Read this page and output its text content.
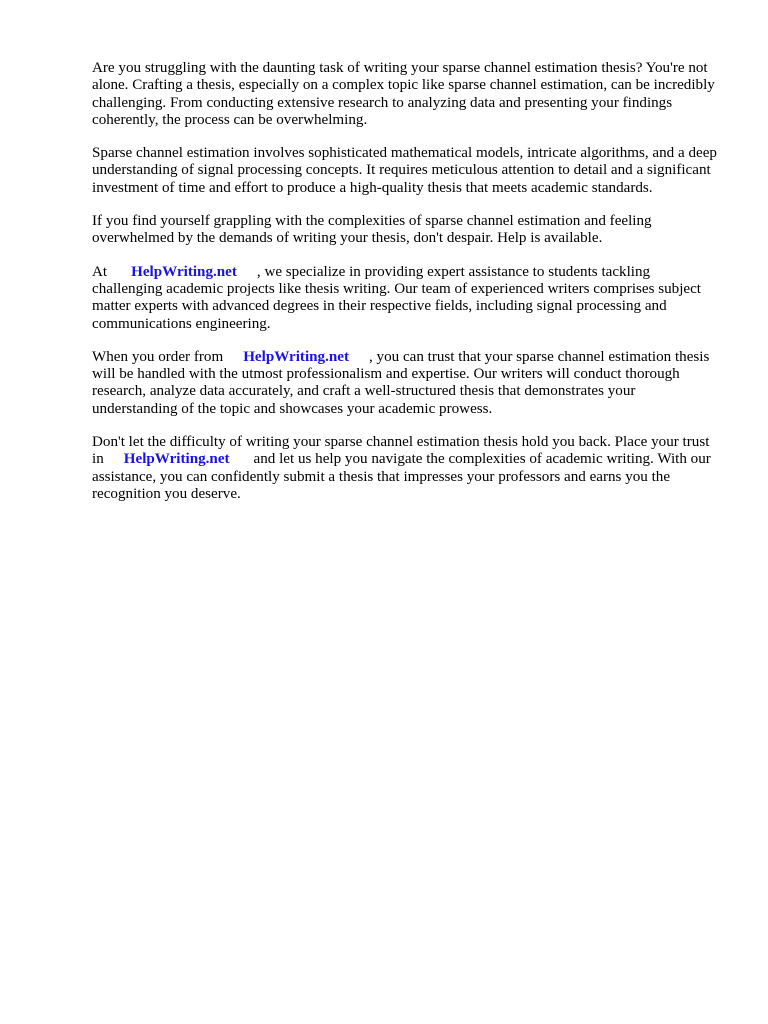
Are you struggling with the daunting task of writing your sparse channel estimation thesis? You're not alone. Crafting a thesis, especially on a complex topic like sparse channel estimation, can be incredibly challenging. From conducting extensive research to analyzing data and presenting your findings coherently, the process can be overwhelming.

Sparse channel estimation involves sophisticated mathematical models, intricate algorithms, and a deep understanding of signal processing concepts. It requires meticulous attention to detail and a significant investment of time and effort to produce a high-quality thesis that meets academic standards.

If you find yourself grappling with the complexities of sparse channel estimation and feeling overwhelmed by the demands of writing your thesis, don't despair. Help is available.

At HelpWriting.net , we specialize in providing expert assistance to students tackling challenging academic projects like thesis writing. Our team of experienced writers comprises subject matter experts with advanced degrees in their respective fields, including signal processing and communications engineering.

When you order from HelpWriting.net , you can trust that your sparse channel estimation thesis will be handled with the utmost professionalism and expertise. Our writers will conduct thorough research, analyze data accurately, and craft a well-structured thesis that demonstrates your understanding of the topic and showcases your academic prowess.

Don't let the difficulty of writing your sparse channel estimation thesis hold you back. Place your trust in HelpWriting.net and let us help you navigate the complexities of academic writing. With our assistance, you can confidently submit a thesis that impresses your professors and earns you the recognition you deserve.
